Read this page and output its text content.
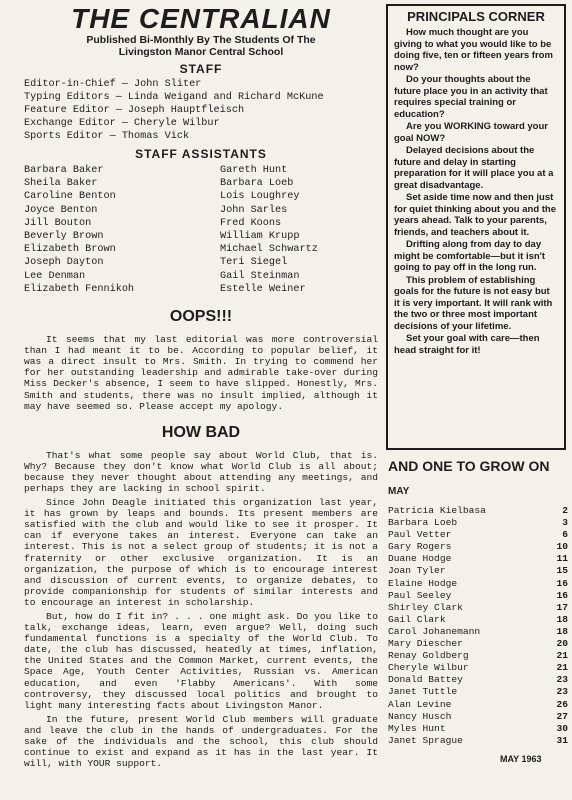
THE CENTRALIAN
Published Bi-Monthly By The Students Of The
Livingston Manor Central School
STAFF
Editor-in-Chief — John Sliter
Typing Editors — Linda Weigand and Richard McKune
Feature Editor — Joseph Hauptfleisch
Exchange Editor — Cheryle Wilbur
Sports Editor — Thomas Vick
STAFF ASSISTANTS
Barbara Baker	Gareth Hunt
Sheila Baker	Barbara Loeb
Caroline Benton	Lois Loughrey
Joyce Benton	John Sarles
Jill Bouton	Fred Koons
Beverly Brown	William Krupp
Elizabeth Brown	Michael Schwartz
Joseph Dayton	Teri Siegel
Lee Denman	Gail Steinman
Elizabeth Fennikoh	Estelle Weiner
OOPS!!!

It seems that my last editorial was more controversial than I had meant it to be. According to popular belief, it was a direct insult to Mrs. Smith. In trying to commend her for her outstanding leadership and admirable take-over during Miss Decker's absence, I seem to have slipped. Honestly, Mrs. Smith and students, there was no insult implied, although it may have seemed so. Please accept my apology.

HOW BAD

That's what some people say about World Club, that is. Why? Because they don't know what World Club is all about; because they never thought about attending any meetings, and perhaps they are lacking in school spirit.

Since John Deagle initiated this organization last year, it has grown by leaps and bounds. Its present members are satisfied with the club and would like to see it prosper. It can if everyone takes an interest. Everyone can take an interest. This is not a select group of students; it is not a fraternity or other exclusive organization. It is an organization, the purpose of which is to encourage interest and discussion of current events, to organize debates, to provide companionship for students of similar interests and to encourage an interest in scholarship.

But, how do I fit in? . . . one might ask. Do you like to talk, exchange ideas, learn, even argue? Well, doing such fundamental functions is a specialty of the World Club. To date, the club has discussed, heatedly at times, inflation, the United States and the Common Market, current events, the Space Age, Youth Center Activities, Russian vs. American education, and even 'Flabby Americans'. With some controversy, they discussed local politics and brought to light many interesting facts about Livingston Manor.

In the future, present World Club members will graduate and leave the club in the hands of undergraduates. For the sake of the individuals and the school, this club should continue to exist and expand as it has in the last year. It will, with YOUR support.

PRINCIPALS CORNER

How much thought are you giving to what you would like to be doing five, ten or fifteen years from now?

Do your thoughts about the future place you in an activity that requires special training or education?

Are you WORKING toward your goal NOW?

Delayed decisions about the future and delay in starting preparation for it will place you at a great disadvantage.

Set aside time now and then just for quiet thinking about you and the years ahead. Talk to your parents, friends, and teachers about it.

Drifting along from day to day might be comfortable—but it isn't going to pay off in the long run.

This problem of establishing goals for the future is not easy but it is very important. It will rank with the two or three most important decisions of your lifetime.

Set your goal with care—then head straight for it!

AND ONE TO GROW ON
MAY
Patricia Kielbasa	2
Barbara Loeb	3
Paul Vetter	6
Gary Rogers	10
Duane Hodge	11
Joan Tyler	15
Elaine Hodge	16
Paul Seeley	16
Shirley Clark	17
Gail Clark	18
Carol Johanemann	18
Mary Diescher	20
Renay Goldberg	21
Cheryle Wilbur	21
Donald Battey	23
Janet Tuttle	23
Alan Levine	26
Nancy Husch	27
Myles Hunt	30
Janet Sprague	31
MAY 1963
